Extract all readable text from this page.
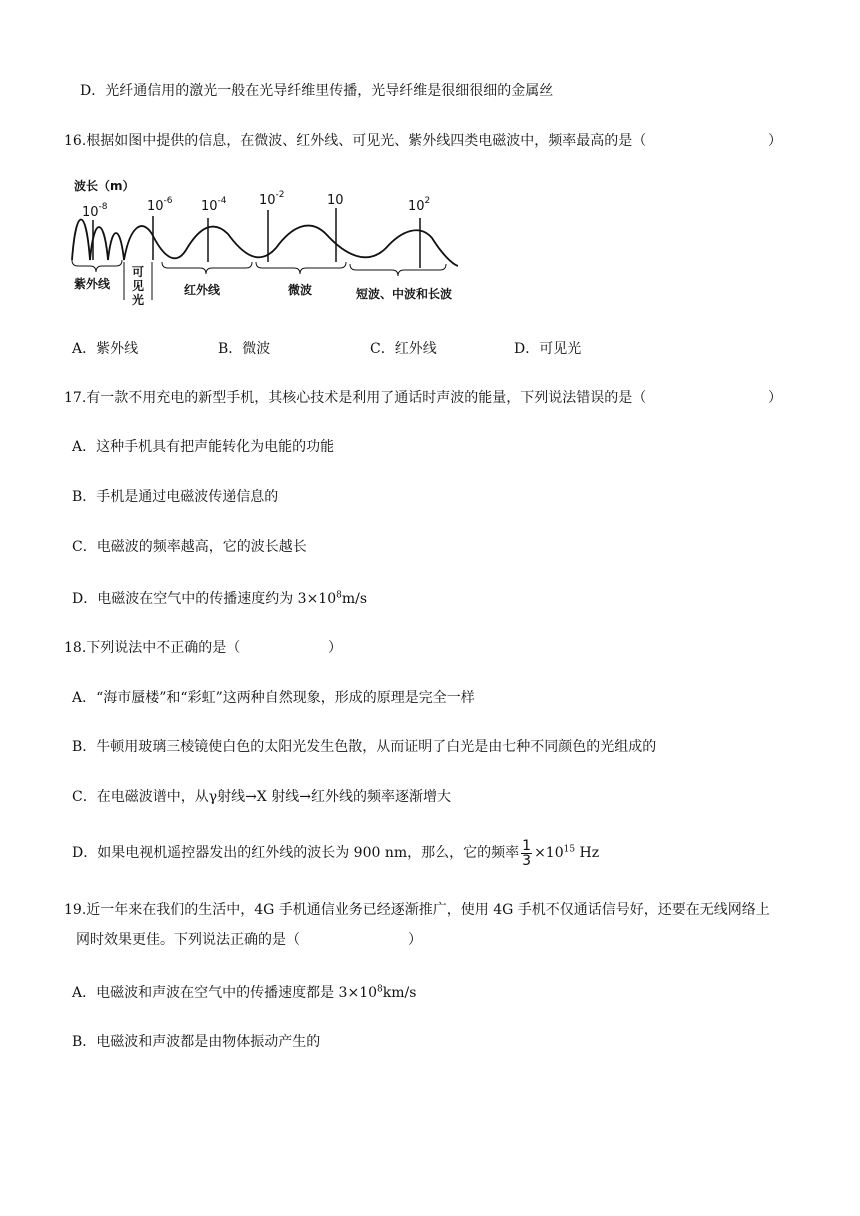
D．光纤通信用的激光一般在光导纤维里传播，光导纤维是很细很细的金属丝
16.根据如图中提供的信息，在微波、红外线、可见光、紫外线四类电磁波中，频率最高的是（	）
波长（m）
$10^{-8}$	$10^{-6}$ $10^{-4}$ $10^{-2}$	10	$10^2$
紫外线
可见光
红外线	微波	短波、中波和长波
A．紫外线	B．微波	C．红外线	D．可见光
17.有一款不用充电的新型手机，其核心技术是利用了通话时声波的能量，下列说法错误的是（	）
A．这种手机具有把声能转化为电能的功能
B．手机是通过电磁波传递信息的
C．电磁波的频率越高，它的波长越长
D．电磁波在空气中的传播速度约为 $3\times 10^8m/s$
18.下列说法中不正确的是（	）
A．“海市蜃楼”和“彩虹”这两种自然现象，形成的原理是完全一样
B．牛顿用玻璃三棱镜使白色的太阳光发生色散，从而证明了白光是由七种不同颜色的光组成的
C．在电磁波谱中，从γ射线→X 射线→红外线的频率逐渐增大
D．如果电视机遥控器发出的红外线的波长为 900 nm，那么，它的频率 $\frac{1}{3} \times 10^{15}$ Hz
19.近一年来在我们的生活中，4G 手机通信业务已经逐渐推广，使用 4G 手机不仅通话信号好，还要在无线网络上
网时效果更佳。下列说法正确的是（	）
A．电磁波和声波在空气中的传播速度都是 $3\times 10^8km/s$
B．电磁波和声波都是由物体振动产生的
